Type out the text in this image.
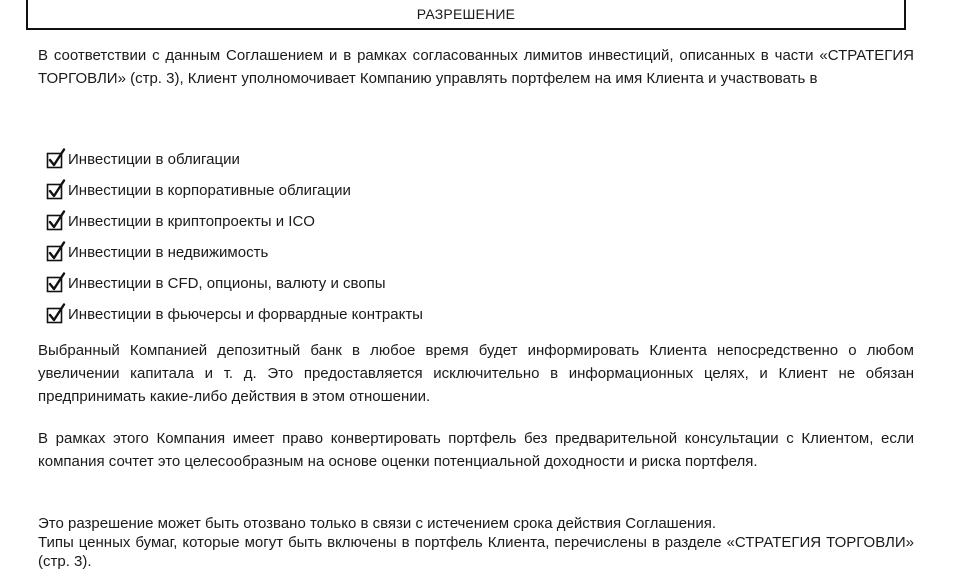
РАЗРЕШЕНИЕ

В соответствии с данным Соглашением и в рамках согласованных лимитов инвестиций, описанных в части «СТРАТЕГИЯ ТОРГОВЛИ» (стр. 3), Клиент уполномочивает Компанию управлять портфелем на имя Клиента и участвовать в

Инвестиции в облигации
Инвестиции в корпоративные облигации
Инвестиции в криптопроекты и ICO
Инвестиции в недвижимость
Инвестиции в CFD, опционы, валюту и свопы
Инвестиции в фьючерсы и форвардные контракты

Выбранный Компанией депозитный банк в любое время будет информировать Клиента непосредственно о любом увеличении капитала и т. д. Это предоставляется исключительно в информационных целях, и Клиент не обязан предпринимать какие-либо действия в этом отношении.

В рамках этого Компания имеет право конвертировать портфель без предварительной консультации с Клиентом, если компания сочтет это целесообразным на основе оценки потенциальной доходности и риска портфеля.

Это разрешение может быть отозвано только в связи с истечением срока действия Соглашения.
Типы ценных бумаг, которые могут быть включены в портфель Клиента, перечислены в разделе «СТРАТЕГИЯ ТОРГОВЛИ» (стр. 3).
